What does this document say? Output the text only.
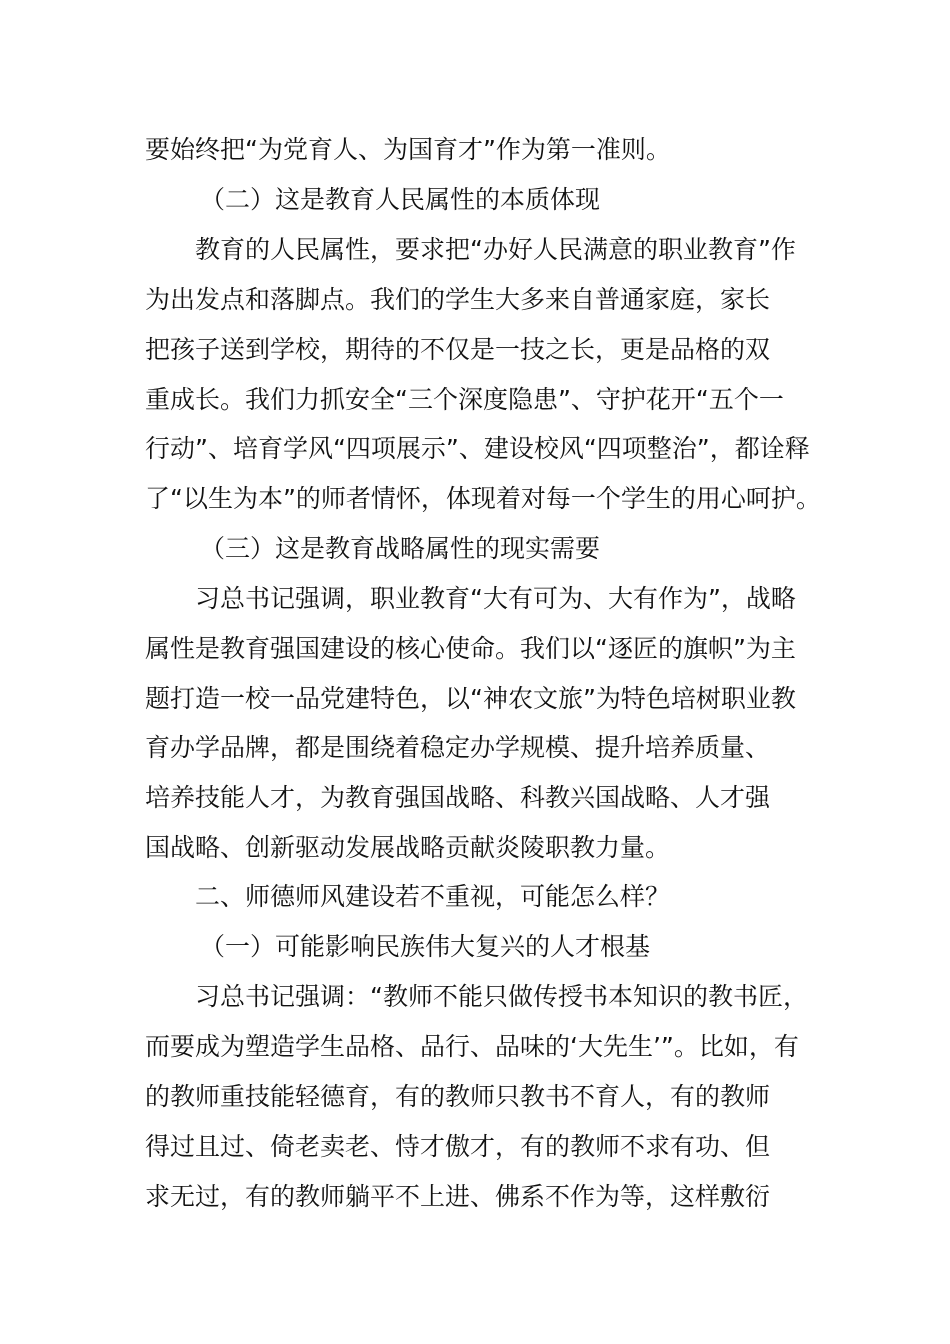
要始终把“为党育人、为国育才”作为第一准则。
（二）这是教育人民属性的本质体现
教育的人民属性，要求把“办好人民满意的职业教育”作
为出发点和落脚点。我们的学生大多来自普通家庭，家长
把孩子送到学校，期待的不仅是一技之长，更是品格的双
重成长。我们力抓安全“三个深度隐患”、守护花开“五个一
行动”、培育学风“四项展示”、建设校风“四项整治”，都诠释
了“以生为本”的师者情怀，体现着对每一个学生的用心呵护。
（三）这是教育战略属性的现实需要
习总书记强调，职业教育“大有可为、大有作为”，战略
属性是教育强国建设的核心使命。我们以“逐匠的旗帜”为主
题打造一校一品党建特色，以“神农文旅”为特色培树职业教
育办学品牌，都是围绕着稳定办学规模、提升培养质量、
培养技能人才，为教育强国战略、科教兴国战略、人才强
国战略、创新驱动发展战略贡献炎陵职教力量。
二、师德师风建设若不重视，可能怎么样？
（一）可能影响民族伟大复兴的人才根基
习总书记强调：“教师不能只做传授书本知识的教书匠，
而要成为塑造学生品格、品行、品味的‘大先生’”。比如，有
的教师重技能轻德育，有的教师只教书不育人，有的教师
得过且过、倚老卖老、恃才傲才，有的教师不求有功、但
求无过，有的教师躺平不上进、佛系不作为等，这样敷衍
